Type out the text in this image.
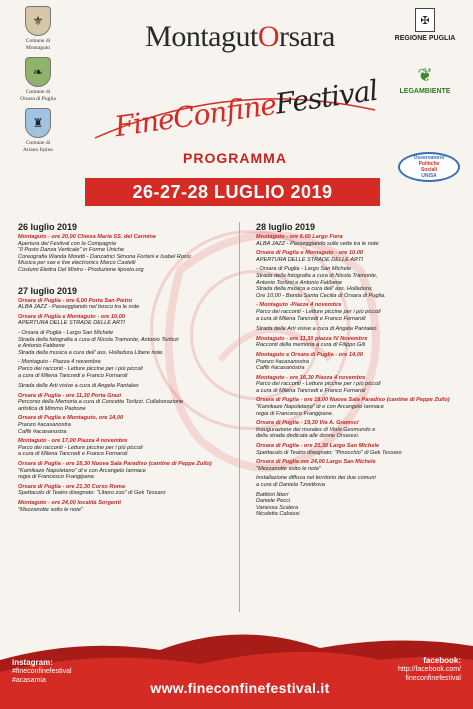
⚜
Comune di
Montaguto
❧
Comune di
Orsara di Puglia
♜
Comune di
Ariano Irpino
✠
REGIONE PUGLIA
❦
LEGAMBIENTE
MontagutOrsara
FineConfineFestival
PROGRAMMA
26-27-28 LUGLIO 2019
Osservatorio
Politiche
Sociali
UNISA
26 luglio 2019
Montaguto - ore 20,00 Chiesa Maria SS. del Carmine
Apertura del Festival con la Compagnia
"Il Posto Danza Verticale" in Forme Uniche
Coreografia Wanda Moretti - Danzatrici Simona Forlani e Isabel Rossi
Musica per sax e live electronics Marco Castelli
Costumi Elettra Del Mistro - Produzione ilposto.org
27 luglio 2019
Orsara di Puglia - ore 6,00 Porta San Pietro
ALBA JAZZ - Passeggiando nel bosco tra le note
Orsara di Puglia e Montaguto - ore 10,00
APERTURA DELLE STRADE DELLE ARTI
- Orsara di Puglia - Largo San Michele
Strada della fotografia a cura di Nicola Tramonte, Antonio Torlizzi
e Antonio Fatibene
Strada della musica a cura dell' ass. Holladura Libere note.
- Montaguto - Piazza 4 novembre
Parco dei racconti - Letture piccine per i più piccoli
a cura di Milena Tancredi e Franco Fornaroli
Strada delle Arti visive a cura di Angela Pantaleo
Orsara di Puglia - ore 11,30 Porta Grazi
Percorso della Memoria a cura di Concetta Torlizzi. Collaborazione
artistica di Mimmo Padrone
Orsara di Puglia e Montaguto, ore 14,00
Pranzo #acasanostra
Caffè #acasanostra
Montaguto - ore 17,00 Piazza 4 novembre
Parco dei racconti - Letture piccine per i più piccoli
a cura di Milena Tancredi e Franco Fornaroli
Orsara di Puglia - ore 18,30 Nuova Sala Paradiso (cantine di Peppe Zullo)
"Kamikaze Napoletano" di e con Arcangelo Iannace
regia di Francesco Frangipane.
Orsara di Puglia - ore 21,30 Corso Roma
Spettacolo di Teatro disegnato: "Libero zoo" di Gek Tessaro
Montaguto - ore 24,00 località Sorgenti
"Mezzanotte sotto le note"
28 luglio 2019
Montaguto - ore 6.00 Largo Fiera
ALBA JAZZ - Passeggiando sulle vette tra le note
Orsara di Puglia e Montaguto - ore 10.00
APERTURA DELLE STRADE DELLE ARTI
- Orsara di Puglia - Largo San Michele
Strada della fotografia a cura di Nicola Tramonte,
Antonio Torlizzi e Antonio Fatibene
Strada della musica a cura dell' ass. Holladura;
Ore 10,00 - Banda Santa Cecilia di Orsara di Puglia.
- Montaguto -Piazza 4 novembre
Parco dei racconti - Letture piccine per i più piccoli
a cura di Milena Tancredi e Franco Fornaroli
Strada delle Arti visive a cura di Angela Pantaleo
Montaguto - ore 11,30 piazza IV Novembre
Racconti della memoria a cura di Filippo Gili
Montaguto e Orsara di Puglia - ore 14,00
Pranzo #acasanostra
Caffè #acasanostra
Montaguto - ore 16,30 Piazza 4 novembre
Parco dei racconti - Letture piccine per i più piccoli
a cura di Milena Tancredi e Franco Fornaroli
Orsara di Puglia - ore 18,00 Nuova Sala Paradiso (cantine di Peppe Zullo)
"Kamikaze Napoletano" di e con Arcangelo Iannace
regia di Francesco Frangipane.
Orsara di Puglia - 19,30 Via A. Gramsci
Inaugurazione dei murales di Viola Gesmundo e
della strada dedicata alle donne Orsaresi.
Orsara di Puglia - ore 21,30 Largo San Michele
Spettacolo di Teatro disegnato: "Pinocchio" di Gek Tessaro
Orsara di Puglia ore 24,00 Largo San Michele
"Mezzanotte sotto le note"
Installazione diffusa nel territorio dei due comuni
a cura di Daniela Tzvetkova
Battitori liberi
Daniele Pecci
Vanessa Scalera
Nicoletta Cabassi
instagram:
#fineconfinefestival
#acasamia	www.fineconfinefestival.it
facebook:
http://facebook.com/
fineconfinefestival
